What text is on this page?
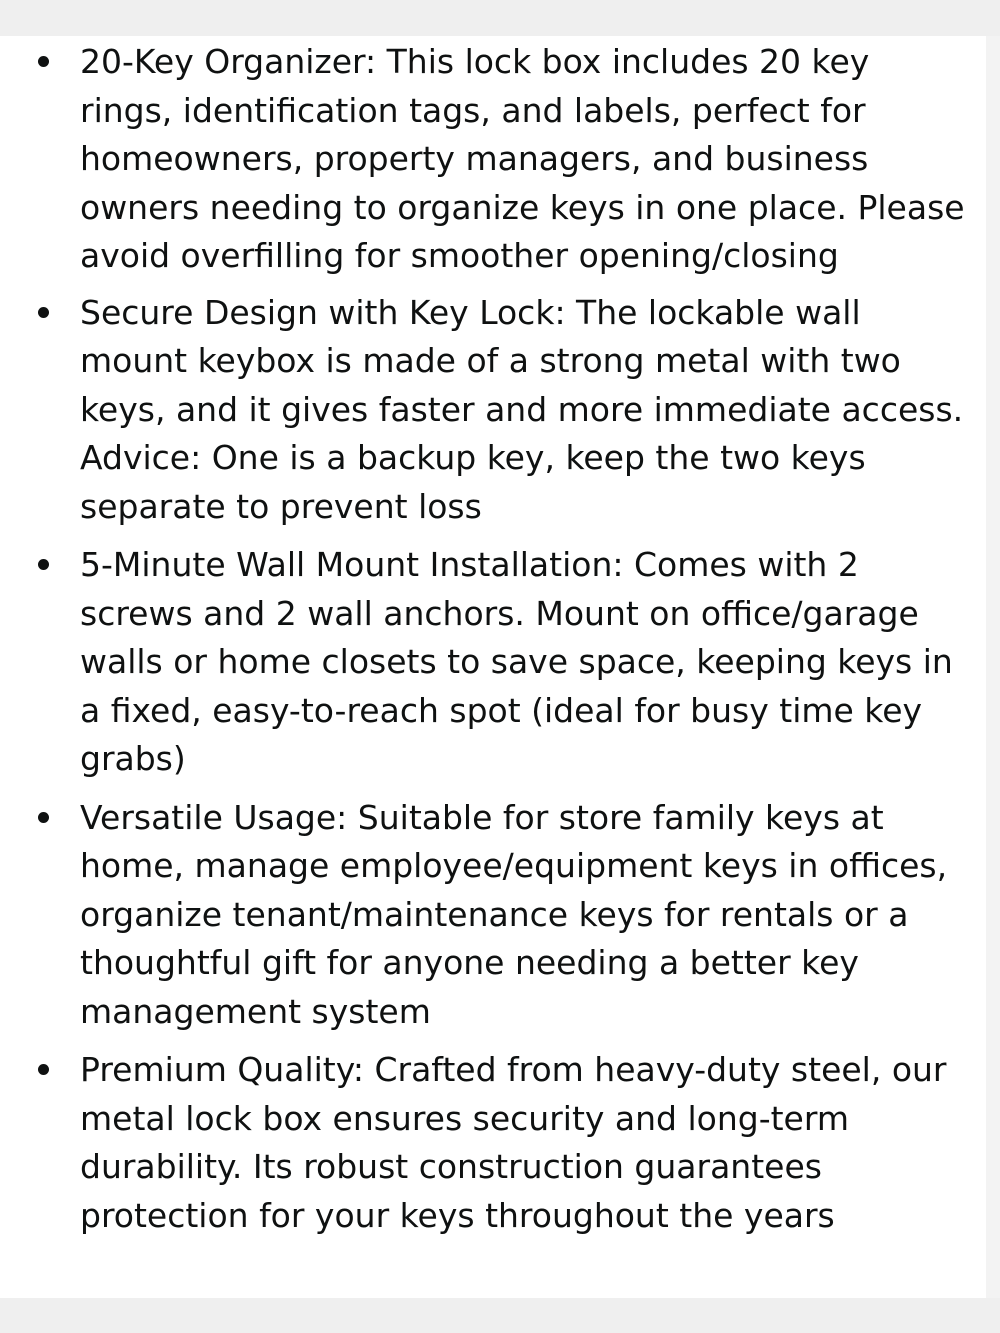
20-Key Organizer: This lock box includes 20 key rings, identification tags, and labels, perfect for homeowners, property managers, and business owners needing to organize keys in one place. Please avoid overfilling for smoother opening/closing
Secure Design with Key Lock: The lockable wall mount keybox is made of a strong metal with two keys, and it gives faster and more immediate access. Advice: One is a backup key, keep the two keys separate to prevent loss
5-Minute Wall Mount Installation: Comes with 2 screws and 2 wall anchors. Mount on office/garage walls or home closets to save space, keeping keys in a fixed, easy-to-reach spot (ideal for busy time key grabs)
Versatile Usage: Suitable for store family keys at home, manage employee/equipment keys in offices, organize tenant/maintenance keys for rentals or a thoughtful gift for anyone needing a better key management system
Premium Quality: Crafted from heavy-duty steel, our metal lock box ensures security and long-term durability. Its robust construction guarantees protection for your keys throughout the years
